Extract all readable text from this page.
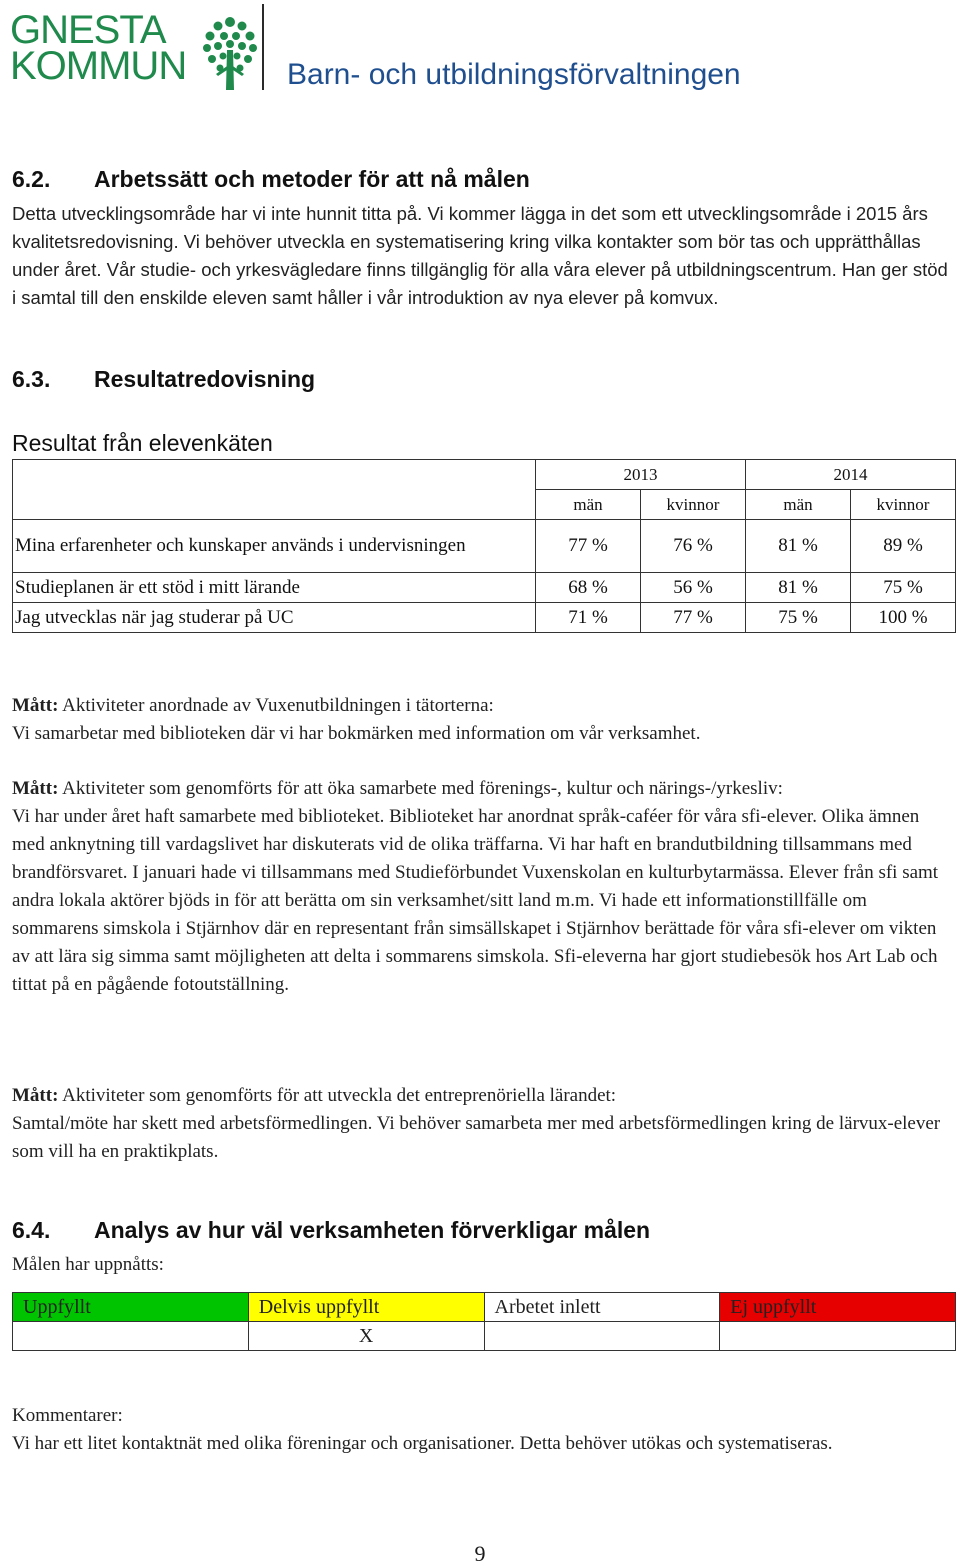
GNESTA
KOMMUN	Barn- och utbildningsförvaltningen
6.2. Arbetssätt och metoder för att nå målen
Detta utvecklingsområde har vi inte hunnit titta på. Vi kommer lägga in det som ett utvecklingsområde i 2015 års kvalitetsredovisning. Vi behöver utveckla en systematisering kring vilka kontakter som bör tas och upprätthållas under året. Vår studie- och yrkesvägledare finns tillgänglig för alla våra elever på utbildningscentrum. Han ger stöd i samtal till den enskilde eleven samt håller i vår introduktion av nya elever på komvux.
6.3. Resultatredovisning
Resultat från elevenkäten
	2013		2014	
	män	kvinnor	män	kvinnor
Mina erfarenheter och kunskaper används i undervisningen	77 %	76 %	81 %	89 %
Studieplanen är ett stöd i mitt lärande	68 %	56 %	81 %	75 %
Jag utvecklas när jag studerar på UC	71 %	77 %	75 %	100 %
Mått: Aktiviteter anordnade av Vuxenutbildningen i tätorterna:
Vi samarbetar med biblioteken där vi har bokmärken med information om vår verksamhet.
Mått: Aktiviteter som genomförts för att öka samarbete med förenings-, kultur och närings-/yrkesliv:
Vi har under året haft samarbete med biblioteket. Biblioteket har anordnat språk-caféer för våra sfi-elever. Olika ämnen med anknytning till vardagslivet har diskuterats vid de olika träffarna. Vi har haft en brandutbildning tillsammans med brandförsvaret. I januari hade vi tillsammans med Studieförbundet Vuxenskolan en kulturbytarmässa. Elever från sfi samt andra lokala aktörer bjöds in för att berätta om sin verksamhet/sitt land m.m. Vi hade ett informationstillfälle om sommarens simskola i Stjärnhov där en representant från simsällskapet i Stjärnhov berättade för våra sfi-elever om vikten av att lära sig simma samt möjligheten att delta i sommarens simskola. Sfi-eleverna har gjort studiebesök hos Art Lab och tittat på en pågående fotoutställning.
Mått: Aktiviteter som genomförts för att utveckla det entreprenöriella lärandet:
Samtal/möte har skett med arbetsförmedlingen. Vi behöver samarbeta mer med arbetsförmedlingen kring de lärvux-elever som vill ha en praktikplats.
6.4. Analys av hur väl verksamheten förverkligar målen
Målen har uppnåtts:
Uppfyllt	Delvis uppfyllt	Arbetet inlett	Ej uppfyllt
	X		
Kommentarer:
Vi har ett litet kontaktnät med olika föreningar och organisationer. Detta behöver utökas och systematiseras.
9
